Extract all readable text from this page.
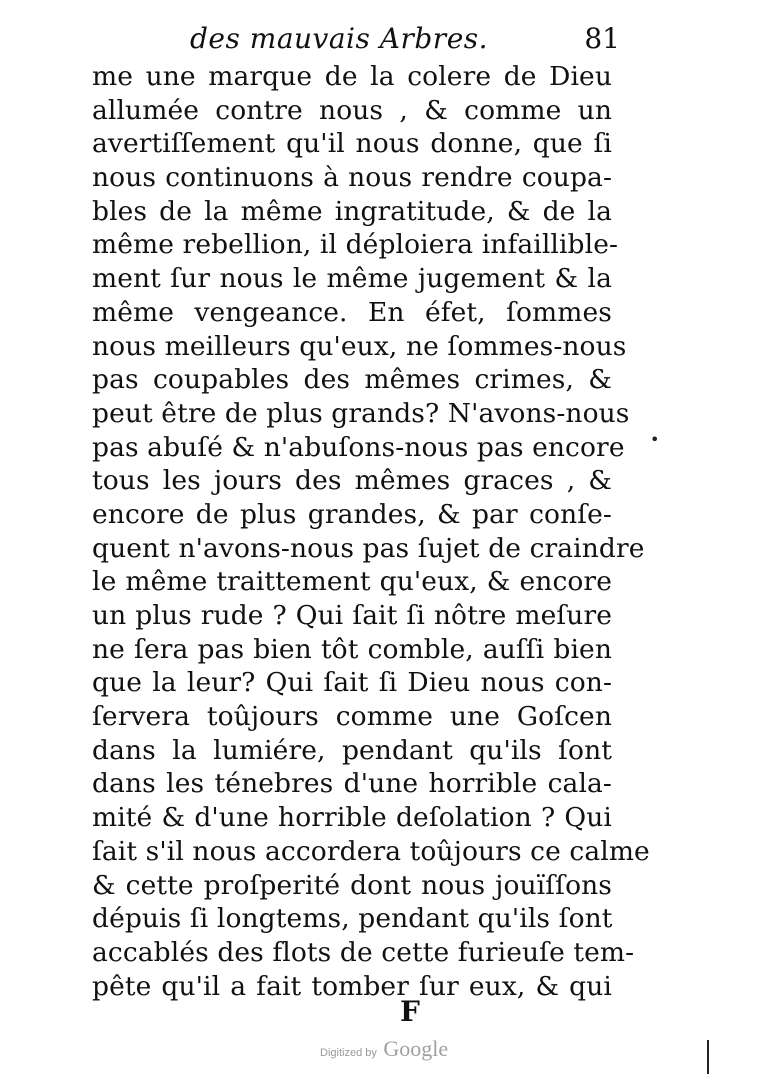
des mauvais Arbres.	81
me une marque de la colere de Dieu
allumée contre nous , & comme un
avertiſſement qu'il nous donne, que ſi
nous continuons à nous rendre coupa-
bles de la même ingratitude, & de la
même rebellion, il déploiera infaillible-
ment ſur nous le même jugement & la
même vengeance. En éfet, ſommes
nous meilleurs qu'eux, ne ſommes-nous
pas coupables des mêmes crimes, &
peut être de plus grands? N'avons-nous
pas abuſé & n'abuſons-nous pas encore
tous les jours des mêmes graces , &
encore de plus grandes, & par conſe-
quent n'avons-nous pas ſujet de craindre
le même traittement qu'eux, & encore
un plus rude ? Qui ſait ſi nôtre meſure
ne ſera pas bien tôt comble, auſſi bien
que la leur? Qui ſait ſi Dieu nous con-
ſervera toûjours comme une Goſcen
dans la lumiére, pendant qu'ils ſont
dans les ténebres d'une horrible cala-
mité & d'une horrible deſolation ? Qui
ſait s'il nous accordera toûjours ce calme
& cette proſperité dont nous jouïſſons
dépuis ſi longtems, pendant qu'ils ſont
accablés des flots de cette furieuſe tem-
pête qu'il a fait tomber ſur eux, & qui
F
•
Digitized by Google
